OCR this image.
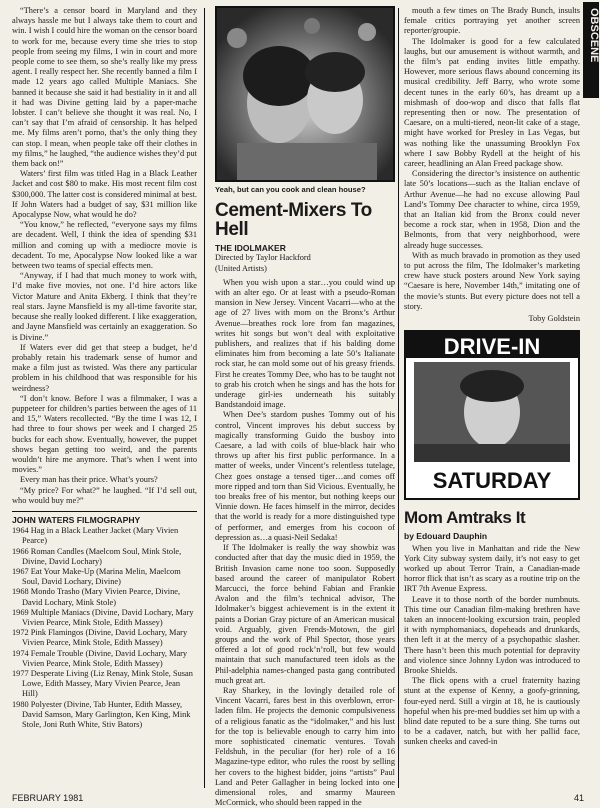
“There’s a censor board in Maryland and they always hassle me but I always take them to court and win. I wish I could hire the woman on the censor board to work for me, because every time she tries to stop people from seeing my films, I win in court and more people come to see them, so she’s really like my press agent. I really respect her. She recently banned a film I made 12 years ago called Multiple Maniacs. She banned it because she said it had bestiality in it and all it had was Divine getting laid by a paper-mache lobster. I can’t believe she thought it was real. No, I can’t say that I’m afraid of censorship. It has helped me. My films aren’t porno, that’s the only thing they can stop. I mean, when people take off their clothes in my films,” he laughed, “the audience wishes they’d put them back on!”

Waters’ first film was titled Hag in a Black Leather Jacket and cost $80 to make. His most recent film cost $300,000. The latter cost is considered minimal at best. If John Waters had a budget of say, $31 million like Apocalypse Now, what would he do?

“You know,” he reflected, “everyone says my films are decadent. Well, I think the idea of spending $31 million and coming up with a mediocre movie is decadent. To me, Apocalypse Now looked like a war between two teams of special effects men.

“Anyway, if I had that much money to work with, I’d make five movies, not one. I’d hire actors like Victor Mature and Anita Ekberg. I think that they’re real stars. Jayne Mansfield is my all-time favorite star, because she really looked different. I like exaggeration, and Jayne Mansfield was certainly an exaggeration. So is Divine.”

If Waters ever did get that steep a budget, he’d probably retain his trademark sense of humor and make a film just as twisted. Was there any particular problem in his childhood that was responsible for his weirdness?

“I don’t know. Before I was a filmmaker, I was a puppeteer for children’s parties between the ages of 11 and 15,” Waters recollected. “By the time I was 12, I had three to four shows per week and I charged 25 bucks for each show. Eventually, however, the puppet shows began getting too weird, and the parents wouldn’t hire me anymore. That’s when I went into movies.”

Every man has their price. What’s yours?

“My price? For what?” he laughed. “If I’d sell out, who would buy me?”

JOHN WATERS FILMOGRAPHY
1964 Hag in a Black Leather Jacket (Mary Vivien Pearce)
1966 Roman Candles (Maelcom Soul, Mink Stole, Divine, David Lochary)
1967 Eat Your Make-Up (Marina Melin, Maelcom Soul, David Lochary, Divine)
1968 Mondo Trasho (Mary Vivien Pearce, Divine, David Lochary, Mink Stole)
1969 Multiple Maniacs (Divine, David Lochary, Mary Vivien Pearce, Mink Stole, Edith Massey)
1972 Pink Flamingos (Divine, David Lochary, Mary Vivien Pearce, Mink Stole, Edith Massey)
1974 Female Trouble (Divine, David Lochary, Mary Vivien Pearce, Mink Stole, Edith Massey)
1977 Desperate Living (Liz Renay, Mink Stole, Susan Lowe, Edith Massey, Mary Vivien Pearce, Jean Hill)
1980 Polyester (Divine, Tab Hunter, Edith Massey, David Samson, Mary Garlington, Ken King, Mink Stole, Joni Ruth White, Stiv Bators)
Yeah, but can you cook and clean house?
Cement-Mixers To Hell
THE IDOLMAKER
Directed by Taylor Hackford
(United Artists)

When you wish upon a star…you could wind up with an alter ego. Or at least with a pseudo-Roman mansion in New Jersey. Vincent Vacarri—who at the age of 27 lives with mom on the Bronx’s Arthur Avenue—breathes rock lore from fan magazines, writes hit songs but won’t deal with exploitative publishers, and realizes that if his balding dome eliminates him from becoming a late 50’s Italianate rock star, he can mold some out of his greasy friends. First he creates Tommy Dee, who has to be taught not to grab his crotch when he sings and has the hots for underage girl-ies underneath his suitably Bandstandoid image.

When Dee’s stardom pushes Tommy out of his control, Vincent improves his debut success by magically transforming Guido the busboy into Caesare, a lad with coils of blue-black hair who throws up after his first public performance. In a matter of weeks, under Vincent’s relentless tutelage, Chez goes onstage a tensed tiger…and comes off more ripped and torn than Sid Vicious. Eventually, he too breaks free of his mentor, but nothing keeps our Vinnie down. He faces himself in the mirror, decides that the world is ready for a more distinguished type of performer, and emerges from his cocoon of depression as…a quasi-Neil Sedaka!

If The Idolmaker is really the way showbiz was conducted after that day the music died in 1959, the British Invasion came none too soon. Supposedly based around the career of manipulator Robert Marcucci, the force behind Fabian and Frankie Avalon and the film’s technical advisor, The Idolmaker’s biggest achievement is in the extent it paints a Dorian Gray picture of an American musical void. Arguably, given Frends-Motown, the girl groups and the work of Phil Spector, those years offered a lot of good rock’n’roll, but few would maintain that such manufactured teen idols as the Phil-adelphia names-changed pasta gang contributed much great art.

Ray Sharkey, in the lovingly detailed role of Vincent Vacarri, fares best in this overblown, error-laden film. He projects the demonic compulsiveness of a religious fanatic as the “idolmaker,” and his lust for the top is believable enough to carry him into more sophisticated cinematic ventures. Tovah Feldshuh, in the peculiar (for her) role of a 16 Magazine-type editor, who rules the roost by selling her covers to the highest bidder, joins “artists” Paul Land and Peter Gallagher in being locked into one dimensional roles, and smarmy Maureen McCormick, who should been rapped in the

mouth a few times on The Brady Bunch, insults female critics portraying yet another screen reporter/groupie.

The Idolmaker is good for a few calculated laughs, but our amusement is without warmth, and the film’s pat ending invites little empathy. However, more serious flaws abound concerning its musical credibility. Jeff Barry, who wrote some decent tunes in the early 60’s, has dreamt up a mishmash of doo-wop and disco that falls flat representing then or now. The presentation of Caesare, on a multi-tiered, neon-lit cake of a stage, might have worked for Presley in Las Vegas, but was nothing like the unassuming Brooklyn Fox where I saw Bobby Rydell at the height of his career, headlining an Alan Freed package show.

Considering the director’s insistence on authentic late 50’s locations—such as the Italian enclave of Arthur Avenue—he had no excuse allowing Paul Land’s Tommy Dee character to whine, circa 1959, that an Italian kid from the Bronx could never become a rock star, when in 1958, Dion and the Belmonts, from that very neighborhood, were already huge successes.

With as much bravado in promotion as they used to put across the film, The Idolmaker’s marketing crew have stuck posters around New York saying “Caesare is here, November 14th,” imitating one of the movie’s stunts. But every picture does not tell a story.

Toby Goldstein
DRIVE-IN
SATURDAY
Mom Amtraks It
by Edouard Dauphin

When you live in Manhattan and ride the New York City subway system daily, it’s not easy to get worked up about Terror Train, a Canadian-made horror flick that isn’t as scary as a routine trip on the IRT 7th Avenue Express.

Leave it to those north of the border numbnuts. This time our Canadian film-making brethren have taken an innocent-looking excursion train, peopled it with nymphomaniacs, dopeheads and drunkards, then left it at the mercy of a psychopathic slasher. There hasn’t been this much potential for depravity and violence since Johnny Lydon was introduced to Brooke Shields.

The flick opens with a cruel fraternity hazing stunt at the expense of Kenny, a goofy-grinning, four-eyed nerd. Still a virgin at 18, he is cautiously hopeful when his pre-med buddies set him up with a blind date reputed to be a sure thing. She turns out to be a cadaver, natch, but with her pallid face, sunken cheeks and caved-in

OBSCENE
FEBRUARY 1981	41
